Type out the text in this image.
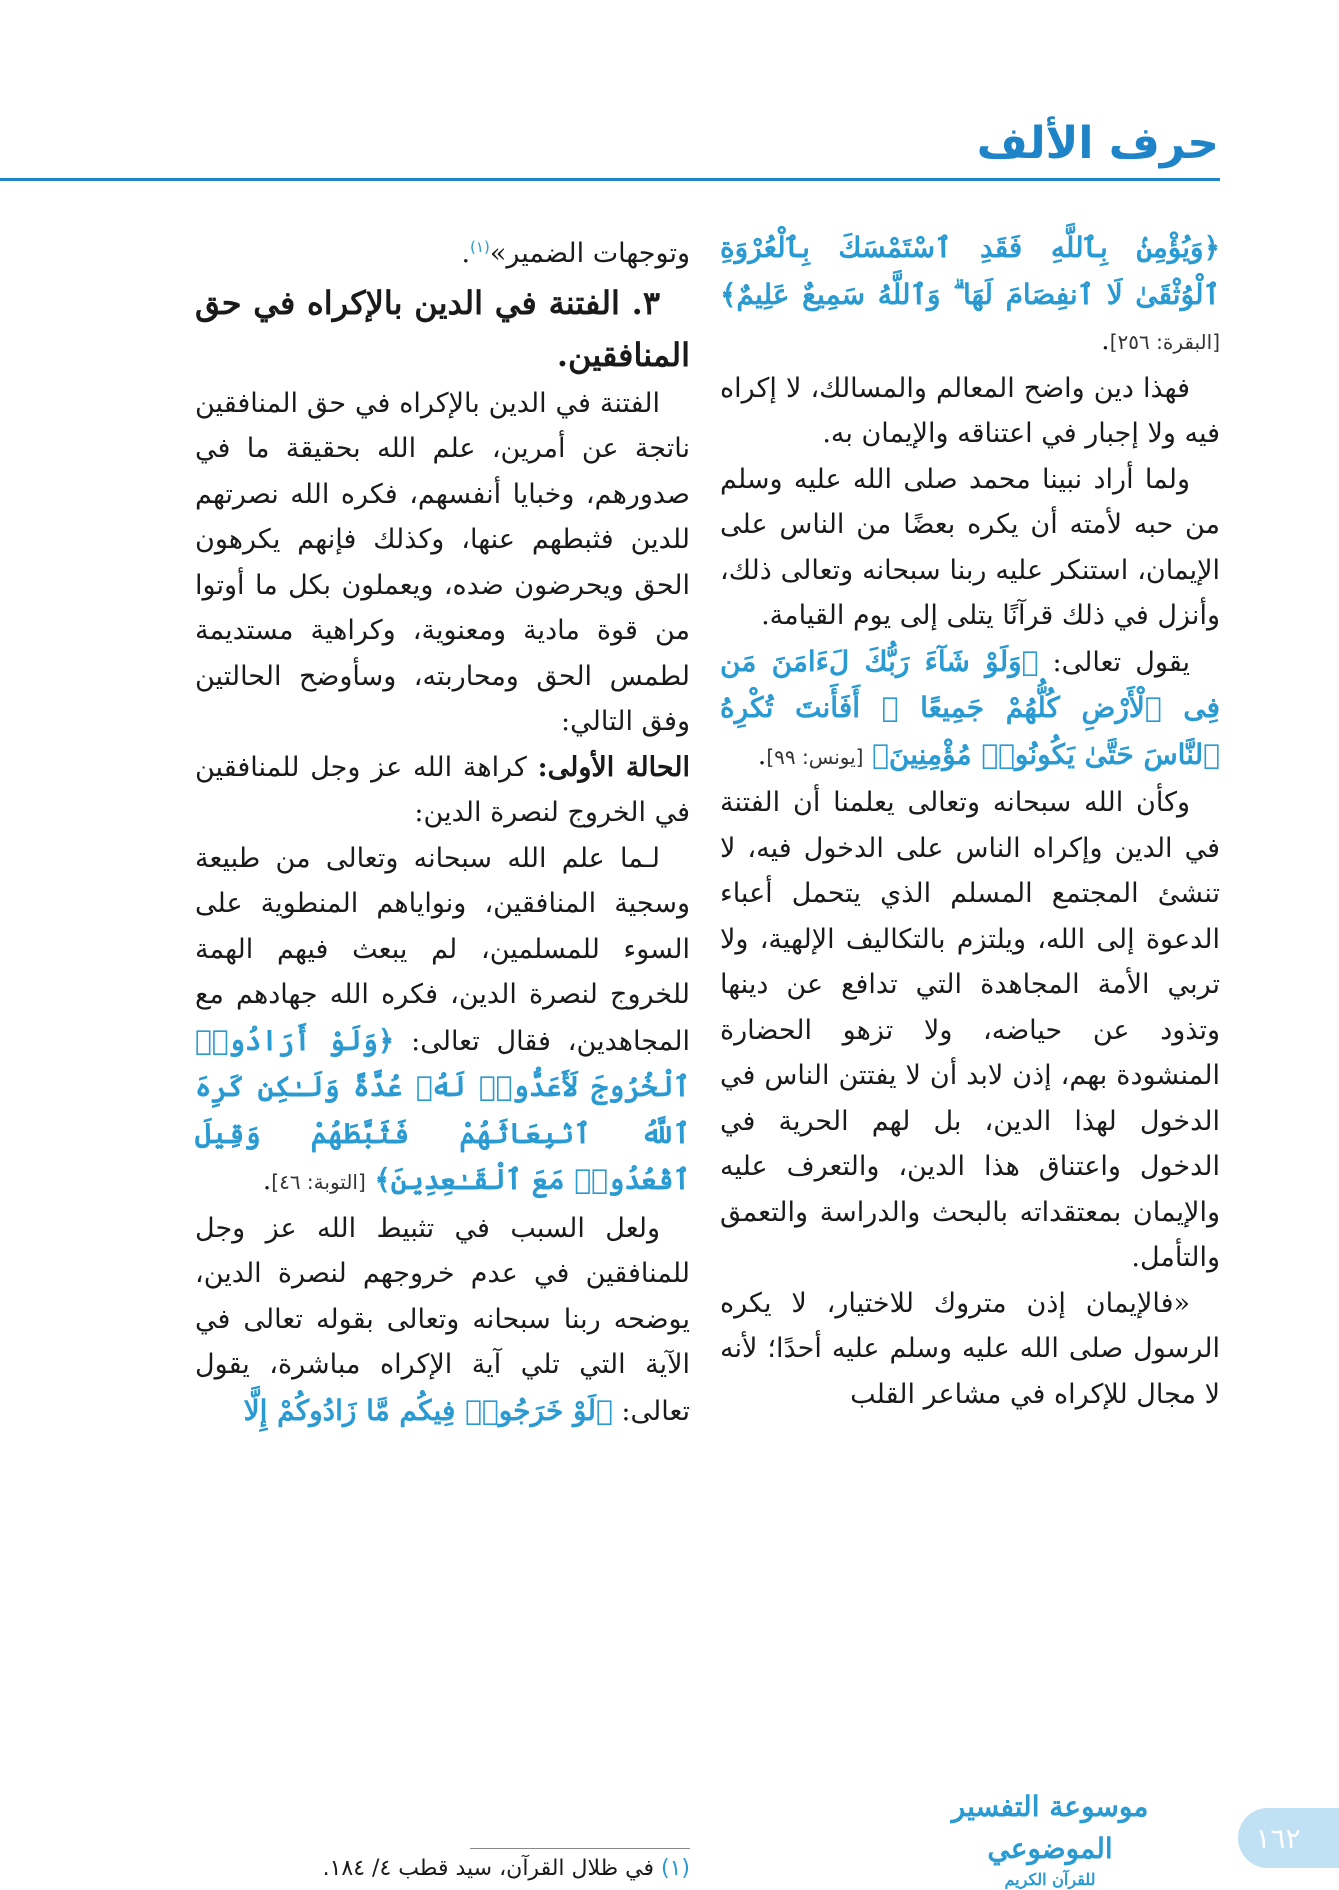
حرف الألف

﴿وَيُؤْمِنۢ بِٱللَّهِ فَقَدِ ٱسْتَمْسَكَ بِٱلْعُرْوَةِ ٱلْوُثْقَىٰ لَا ٱنفِصَامَ لَهَا ۗ وَٱللَّهُ سَمِيعٌ عَلِيمٌ﴾ [البقرة: ٢٥٦].

فهذا دين واضح المعالم والمسالك، لا إكراه فيه ولا إجبار في اعتناقه والإيمان به.

ولما أراد نبينا محمد صلى الله عليه وسلم من حبه لأمته أن يكره بعضًا من الناس على الإيمان، استنكر عليه ربنا سبحانه وتعالى ذلك، وأنزل في ذلك قرآنًا يتلى إلى يوم القيامة.

يقول تعالى: ﴿وَلَوْ شَآءَ رَبُّكَ لَءَامَنَ مَن فِى ٱلْأَرْضِ كُلُّهُمْ جَمِيعًا ۚ أَفَأَنتَ تُكْرِهُ ٱلنَّاسَ حَتَّىٰ يَكُونُوا۟ مُؤْمِنِينَ﴾ [يونس: ٩٩].

وكأن الله سبحانه وتعالى يعلمنا أن الفتنة في الدين وإكراه الناس على الدخول فيه، لا تنشئ المجتمع المسلم الذي يتحمل أعباء الدعوة إلى الله، ويلتزم بالتكاليف الإلهية، ولا تربي الأمة المجاهدة التي تدافع عن دينها وتذود عن حياضه، ولا تزهو الحضارة المنشودة بهم، إذن لابد أن لا يفتتن الناس في الدخول لهذا الدين، بل لهم الحرية في الدخول واعتناق هذا الدين، والتعرف عليه والإيمان بمعتقداته بالبحث والدراسة والتعمق والتأمل.

«فالإيمان إذن متروك للاختيار، لا يكره الرسول صلى الله عليه وسلم عليه أحدًا؛ لأنه لا مجال للإكراه في مشاعر القلب

وتوجهات الضمير»$^{(١)}$.

٣. الفتنة في الدين بالإكراه في حق المنافقين.

الفتنة في الدين بالإكراه في حق المنافقين ناتجة عن أمرين، علم الله بحقيقة ما في صدورهم، وخبايا أنفسهم، فكره الله نصرتهم للدين فثبطهم عنها، وكذلك فإنهم يكرهون الحق ويحرضون ضده، ويعملون بكل ما أوتوا من قوة مادية ومعنوية، وكراهية مستديمة لطمس الحق ومحاربته، وسأوضح الحالتين وفق التالي:

الحالة الأولى: كراهة الله عز وجل للمنافقين في الخروج لنصرة الدين:

لـما علم الله سبحانه وتعالى من طبيعة وسجية المنافقين، ونواياهم المنطوية على السوء للمسلمين، لم يبعث فيهم الهمة للخروج لنصرة الدين، فكره الله جهادهم مع المجاهدين، فقال تعالى: ﴿وَلَوْ أَرَادُوا۟ ٱلْخُرُوجَ لَأَعَدُّوا۟ لَهُۥ عُدَّةً وَلَـٰكِن كَرِهَ ٱللَّهُ ٱنۢبِعَاثَهُمْ فَثَبَّطَهُمْ وَقِيلَ ٱقْعُدُوا۟ مَعَ ٱلْقَـٰعِدِينَ﴾ [التوبة: ٤٦].

ولعل السبب في تثبيط الله عز وجل للمنافقين في عدم خروجهم لنصرة الدين، يوضحه ربنا سبحانه وتعالى بقوله تعالى في الآية التي تلي آية الإكراه مباشرة، يقول تعالى: ﴿لَوْ خَرَجُوا۟ فِيكُم مَّا زَادُوكُمْ إِلَّا

(١) في ظلال القرآن، سيد قطب ٤/ ١٨٤.
موسوعة التفسير الموضوعي
للقرآن الكريم
١٦٢
